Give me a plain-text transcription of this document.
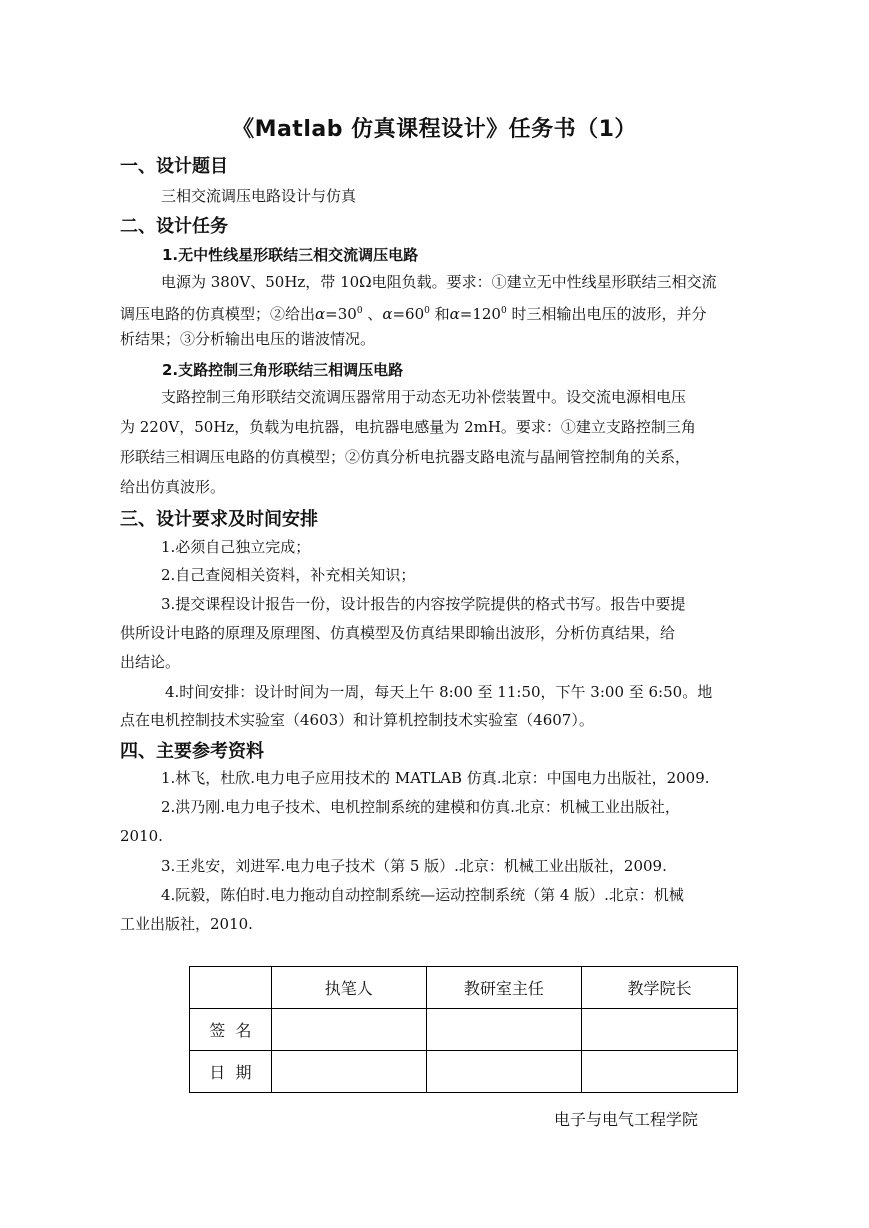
《Matlab 仿真课程设计》任务书（1）
一、设计题目
三相交流调压电路设计与仿真
二、设计任务
1.无中性线星形联结三相交流调压电路
电源为 380V、50Hz，带 10Ω电阻负载。要求：①建立无中性线星形联结三相交流
调压电路的仿真模型；②给出$\alpha=30^0$ 、$\alpha=60^0$ 和$\alpha=120^0$ 时三相输出电压的波形，并分
析结果；③分析输出电压的谐波情况。
2.支路控制三角形联结三相调压电路
支路控制三角形联结交流调压器常用于动态无功补偿装置中。设交流电源相电压
为 220V，50Hz，负载为电抗器，电抗器电感量为 2mH。要求：①建立支路控制三角
形联结三相调压电路的仿真模型；②仿真分析电抗器支路电流与晶闸管控制角的关系，
给出仿真波形。
三、设计要求及时间安排
1.必须自己独立完成；
2.自己查阅相关资料，补充相关知识；
3.提交课程设计报告一份，设计报告的内容按学院提供的格式书写。报告中要提
供所设计电路的原理及原理图、仿真模型及仿真结果即输出波形，分析仿真结果，给
出结论。
4.时间安排：设计时间为一周，每天上午 8:00 至 11:50，下午 3:00 至 6:50。地
点在电机控制技术实验室（4603）和计算机控制技术实验室（4607）。
四、主要参考资料
1.林飞，杜欣.电力电子应用技术的 MATLAB 仿真.北京：中国电力出版社，2009.
2.洪乃刚.电力电子技术、电机控制系统的建模和仿真.北京：机械工业出版社，
2010.
3.王兆安，刘进军.电力电子技术（第 5 版）.北京：机械工业出版社，2009.
4.阮毅，陈伯时.电力拖动自动控制系统—运动控制系统（第 4 版）.北京：机械
工业出版社，2010.
	执笔人	教研室主任	教学院长
签  名			
日  期			
电子与电气工程学院
